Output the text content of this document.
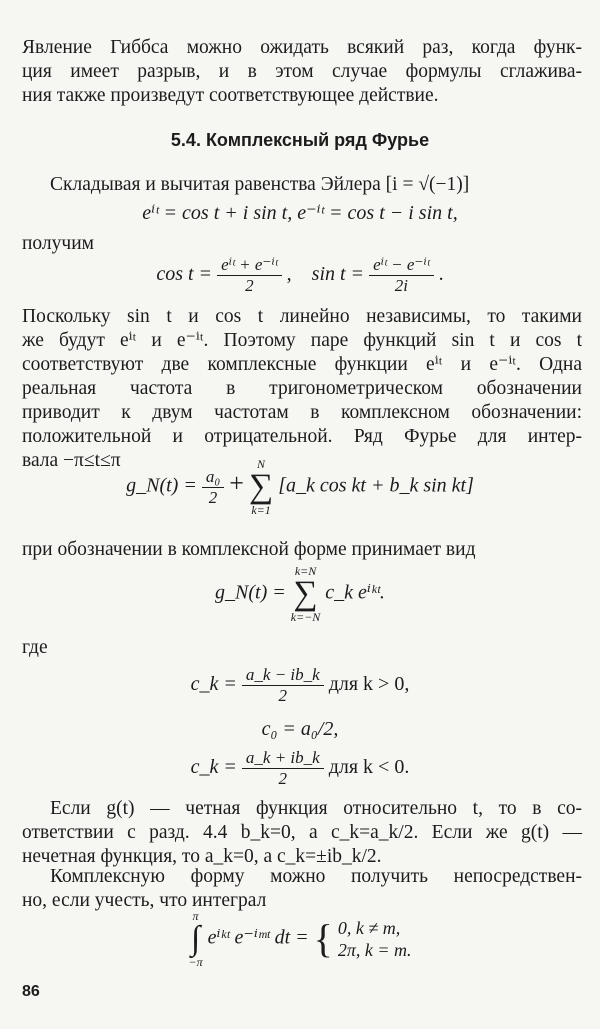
Явление Гиббса можно ожидать всякий раз, когда функ-
ция имеет разрыв, и в этом случае формулы сглажива-
ния также произведут соответствующее действие.
5.4. Комплексный ряд Фурье
Складывая и вычитая равенства Эйлера [i = √(−1)]
eⁱᵗ = cos t + i sin t, e⁻ⁱᵗ = cos t − i sin t,
получим
$\cos t = \frac{\text{eⁱᵗ + e⁻ⁱᵗ}}{2}$ , $\sin t = \frac{\text{eⁱᵗ − e⁻ⁱᵗ}}{2i}$ .
Поскольку sin t и cos t линейно независимы, то такими
же будут eⁱᵗ и e⁻ⁱᵗ. Поэтому паре функций sin t и cos t
соответствуют две комплексные функции eⁱᵗ и e⁻ⁱᵗ. Одна
реальная частота в тригонометрическом обозначении
приводит к двум частотам в комплексном обозначении:
положительной и отрицательной. Ряд Фурье для интер-
вала −π≤t≤π
g_N(t) = $\frac{\text{a₀}}{2}$ +
N
∑
k=1
[a_k cos kt + b_k sin kt]
при обозначении в комплексной форме принимает вид
g_N(t) =
k=N
∑
k=−N
c_k eⁱᵏᵗ.
где
c_k = $\frac{a\_k - ib\_k}{2}$ для k > 0,
c₀ = a₀/2,
c_k = $\frac{a\_k + ib\_k}{2}$ для k < 0.
Если g(t) — четная функция относительно t, то в со-
ответствии с разд. 4.4 b_k=0, а c_k=a_k/2. Если же g(t) —
нечетная функция, то a_k=0, а c_k=±ib_k/2.
Комплексную форму можно получить непосредствен-
но, если учесть, что интеграл
π
∫
−π
eⁱᵏᵗ e⁻ⁱᵐᵗ dt = { 0, k ≠ m,
2π, k = m.
86
